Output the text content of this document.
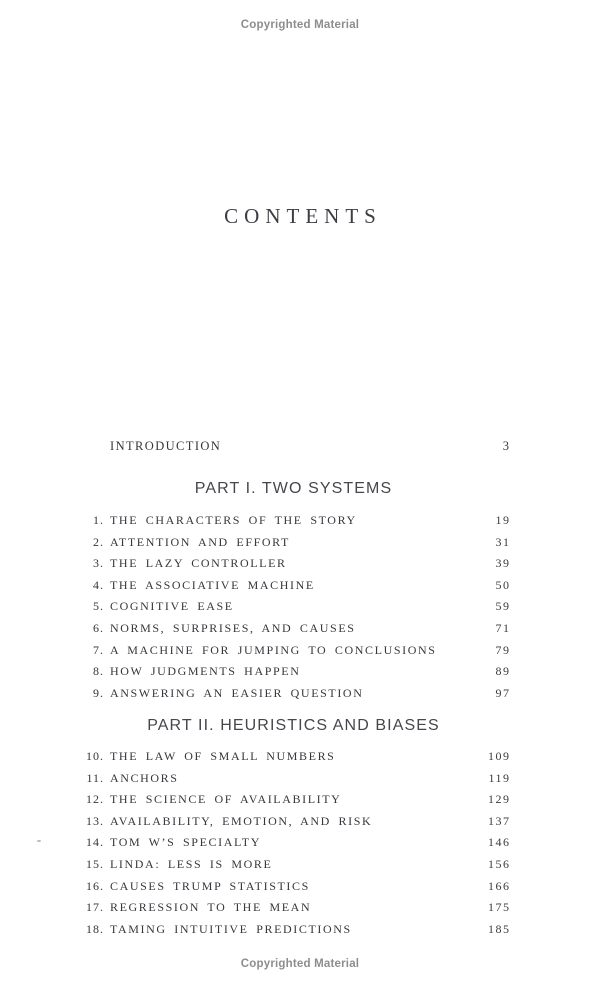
Copyrighted Material
CONTENTS
INTRODUCTION	3
PART I. TWO SYSTEMS
1. THE CHARACTERS OF THE STORY	19
2. ATTENTION AND EFFORT	31
3. THE LAZY CONTROLLER	39
4. THE ASSOCIATIVE MACHINE	50
5. COGNITIVE EASE	59
6. NORMS, SURPRISES, AND CAUSES	71
7. A MACHINE FOR JUMPING TO CONCLUSIONS	79
8. HOW JUDGMENTS HAPPEN	89
9. ANSWERING AN EASIER QUESTION	97
PART II. HEURISTICS AND BIASES
10. THE LAW OF SMALL NUMBERS	109
11. ANCHORS	119
12. THE SCIENCE OF AVAILABILITY	129
13. AVAILABILITY, EMOTION, AND RISK	137
14. TOM W’S SPECIALTY	146
15. LINDA: LESS IS MORE	156
16. CAUSES TRUMP STATISTICS	166
17. REGRESSION TO THE MEAN	175
18. TAMING INTUITIVE PREDICTIONS	185
Copyrighted Material
